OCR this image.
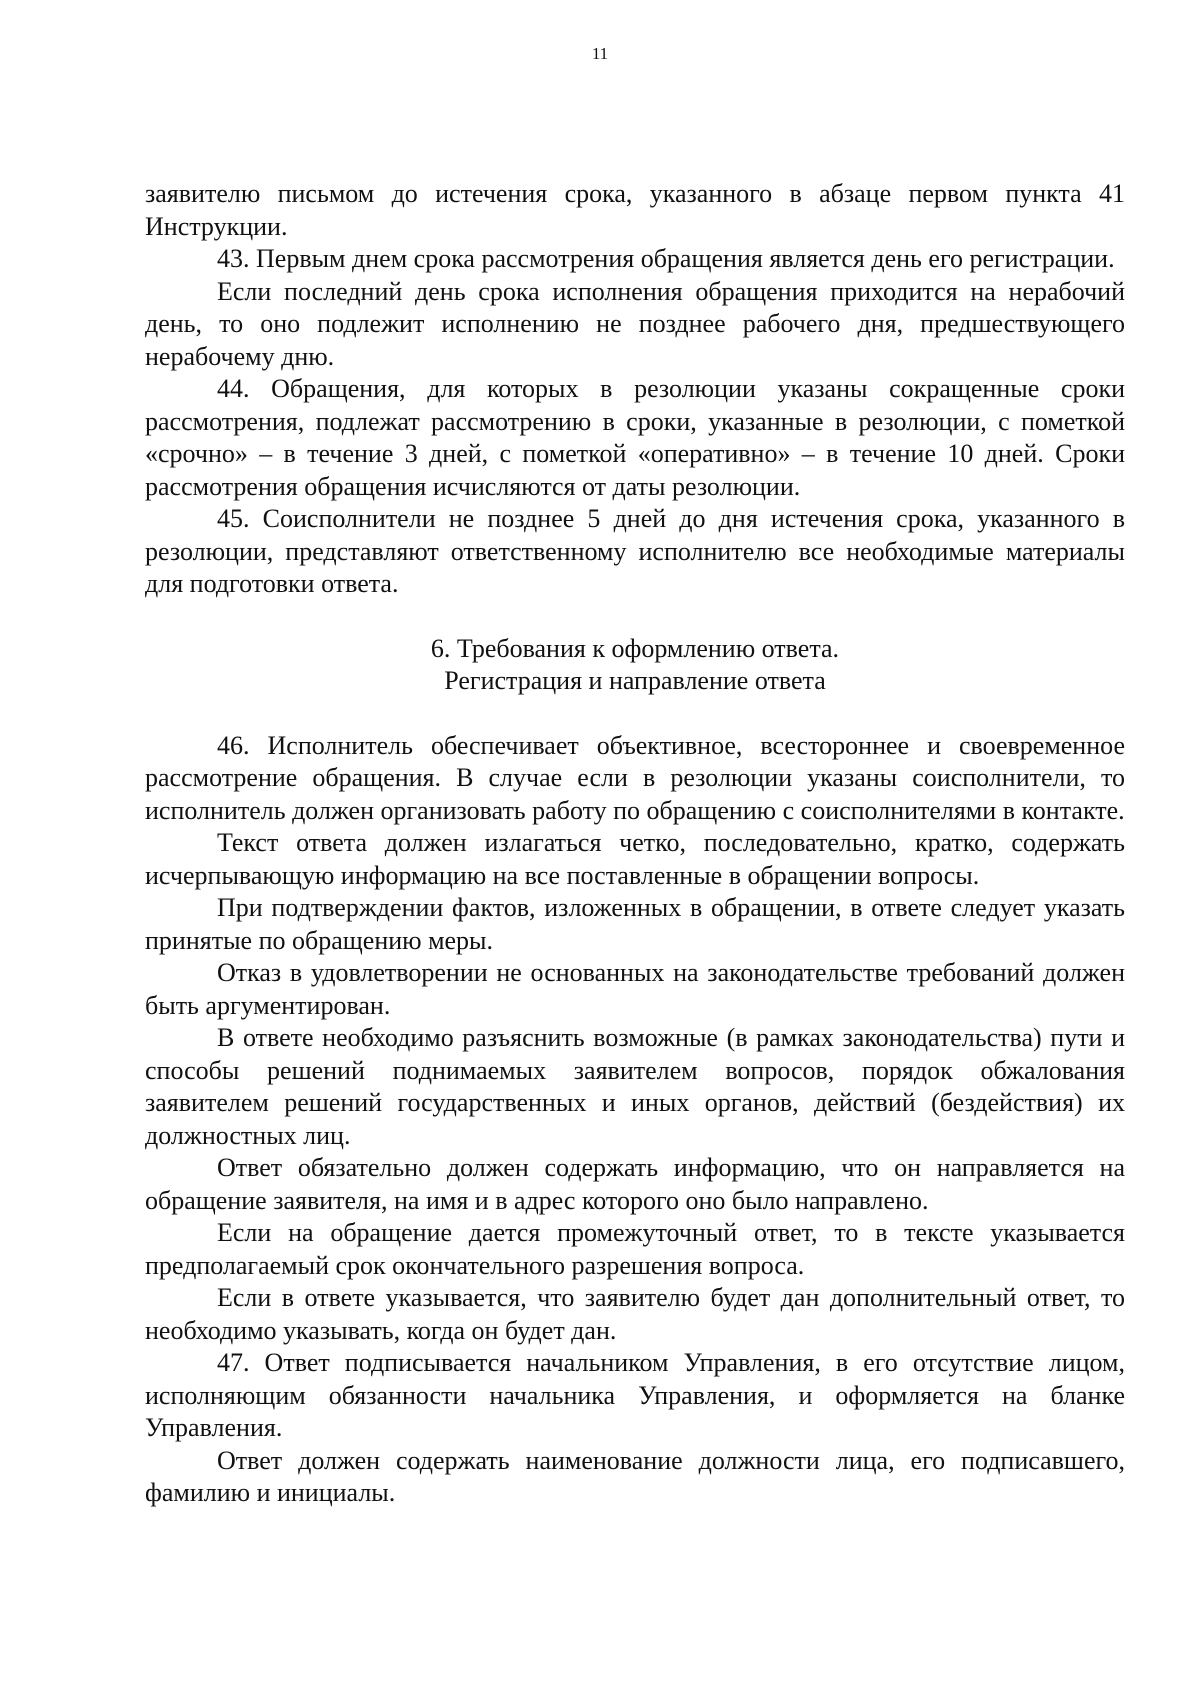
11

заявителю письмом до истечения срока, указанного в абзаце первом пункта 41 Инструкции.

43. Первым днем срока рассмотрения обращения является день его регистрации.

Если последний день срока исполнения обращения приходится на нерабочий день, то оно подлежит исполнению не позднее рабочего дня, предшествующего нерабочему дню.

44. Обращения, для которых в резолюции указаны сокращенные сроки рассмотрения, подлежат рассмотрению в сроки, указанные в резолюции, с пометкой «срочно» – в течение 3 дней, с пометкой «оперативно» – в течение 10 дней. Сроки рассмотрения обращения исчисляются от даты резолюции.

45. Соисполнители не позднее 5 дней до дня истечения срока, указанного в резолюции, представляют ответственному исполнителю все необходимые материалы для подготовки ответа.

6. Требования к оформлению ответа.
Регистрация и направление ответа

46. Исполнитель обеспечивает объективное, всестороннее и своевременное рассмотрение обращения. В случае если в резолюции указаны соисполнители, то исполнитель должен организовать работу по обращению с соисполнителями в контакте.

Текст ответа должен излагаться четко, последовательно, кратко, содержать исчерпывающую информацию на все поставленные в обращении вопросы.

При подтверждении фактов, изложенных в обращении, в ответе следует указать принятые по обращению меры.

Отказ в удовлетворении не основанных на законодательстве требований должен быть аргументирован.

В ответе необходимо разъяснить возможные (в рамках законодательства) пути и способы решений поднимаемых заявителем вопросов, порядок обжалования заявителем решений государственных и иных органов, действий (бездействия) их должностных лиц.

Ответ обязательно должен содержать информацию, что он направляется на обращение заявителя, на имя и в адрес которого оно было направлено.

Если на обращение дается промежуточный ответ, то в тексте указывается предполагаемый срок окончательного разрешения вопроса.

Если в ответе указывается, что заявителю будет дан дополнительный ответ, то необходимо указывать, когда он будет дан.

47. Ответ подписывается начальником Управления, в его отсутствие лицом, исполняющим обязанности начальника Управления, и оформляется на бланке Управления.

Ответ должен содержать наименование должности лица, его подписавшего, фамилию и инициалы.
